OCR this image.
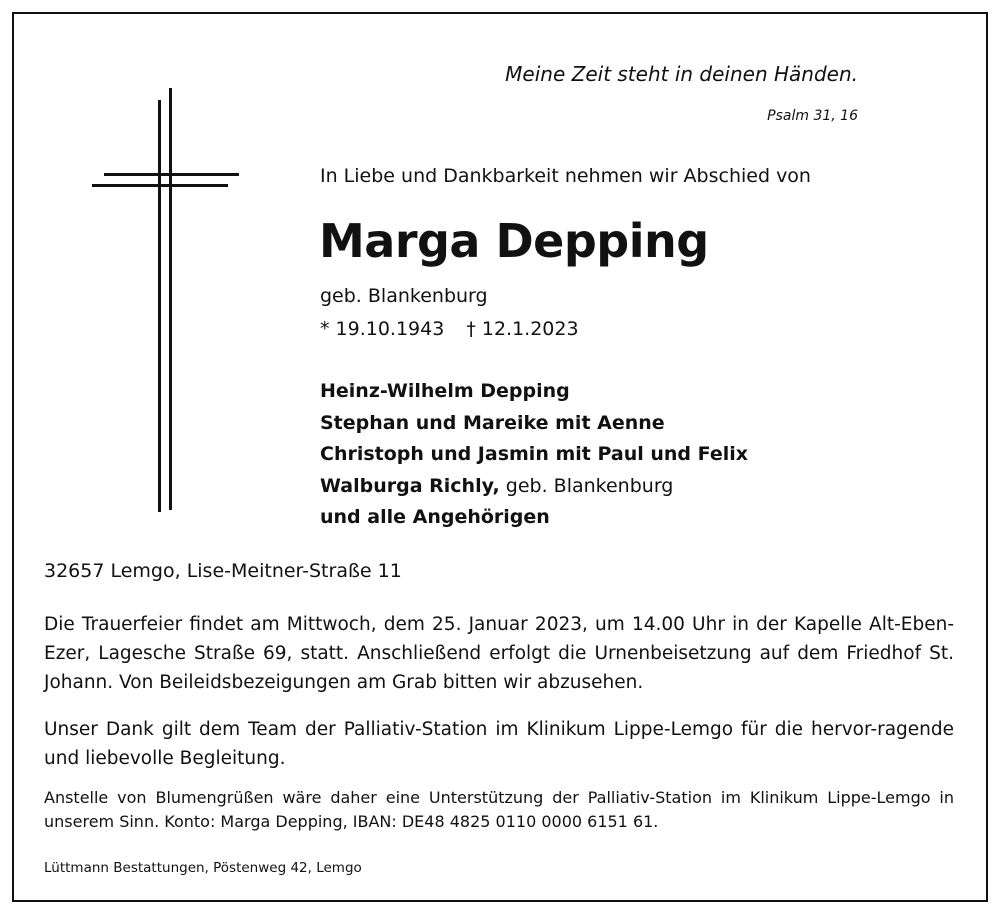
Meine Zeit steht in deinen Händen.
Psalm 31, 16
In Liebe und Dankbarkeit nehmen wir Abschied von
Marga Depping
geb. Blankenburg
* 19.10.1943 † 12.1.2023
Heinz-Wilhelm Depping
Stephan und Mareike mit Aenne
Christoph und Jasmin mit Paul und Felix
Walburga Richly, geb. Blankenburg
und alle Angehörigen
32657 Lemgo, Lise-Meitner-Straße 11
Die Trauerfeier findet am Mittwoch, dem 25. Januar 2023, um 14.00 Uhr in der Kapelle Alt-Eben-Ezer, Lagesche Straße 69, statt. Anschließend erfolgt die Urnenbeisetzung auf dem Friedhof St. Johann. Von Beileidsbezeigungen am Grab bitten wir abzusehen.
Unser Dank gilt dem Team der Palliativ-Station im Klinikum Lippe-Lemgo für die hervor-ragende und liebevolle Begleitung.
Anstelle von Blumengrüßen wäre daher eine Unterstützung der Palliativ-Station im Klinikum Lippe-Lemgo in unserem Sinn. Konto: Marga Depping, IBAN: DE48 4825 0110 0000 6151 61.
Lüttmann Bestattungen, Pöstenweg 42, Lemgo
